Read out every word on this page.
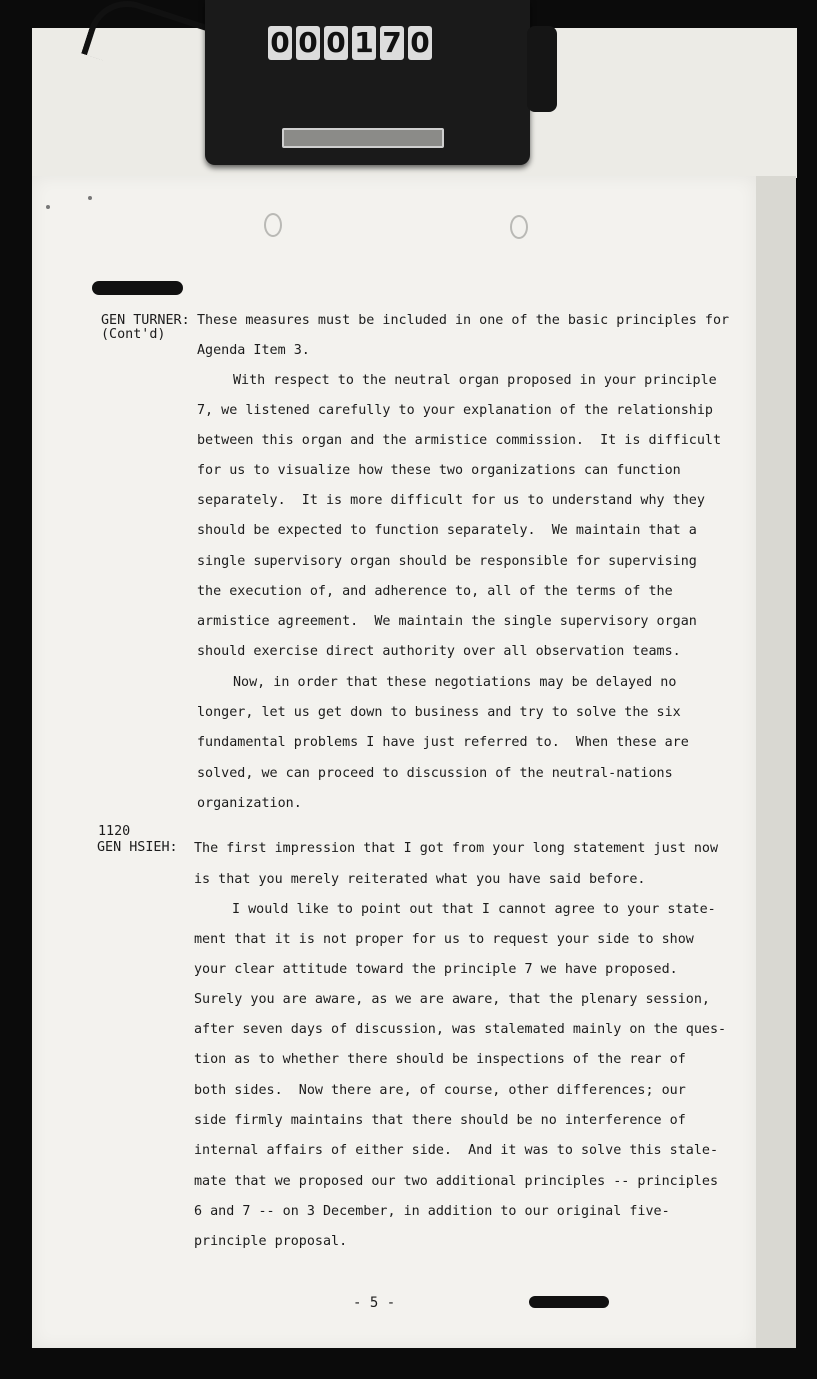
0 0 0 1 7 0
GEN TURNER:
(Cont'd)
1120
GEN HSIEH:
These measures must be included in one of the basic principles for
Agenda Item 3.
With respect to the neutral organ proposed in your principle
7, we listened carefully to your explanation of the relationship
between this organ and the armistice commission.  It is difficult
for us to visualize how these two organizations can function
separately.  It is more difficult for us to understand why they
should be expected to function separately.  We maintain that a
single supervisory organ should be responsible for supervising
the execution of, and adherence to, all of the terms of the
armistice agreement.  We maintain the single supervisory organ
should exercise direct authority over all observation teams.
Now, in order that these negotiations may be delayed no
longer, let us get down to business and try to solve the six
fundamental problems I have just referred to.  When these are
solved, we can proceed to discussion of the neutral-nations
organization.
The first impression that I got from your long statement just now
is that you merely reiterated what you have said before.
I would like to point out that I cannot agree to your state-
ment that it is not proper for us to request your side to show
your clear attitude toward the principle 7 we have proposed.
Surely you are aware, as we are aware, that the plenary session,
after seven days of discussion, was stalemated mainly on the ques-
tion as to whether there should be inspections of the rear of
both sides.  Now there are, of course, other differences; our
side firmly maintains that there should be no interference of
internal affairs of either side.  And it was to solve this stale-
mate that we proposed our two additional principles -- principles
6 and 7 -- on 3 December, in addition to our original five-
principle proposal.
- 5 -
